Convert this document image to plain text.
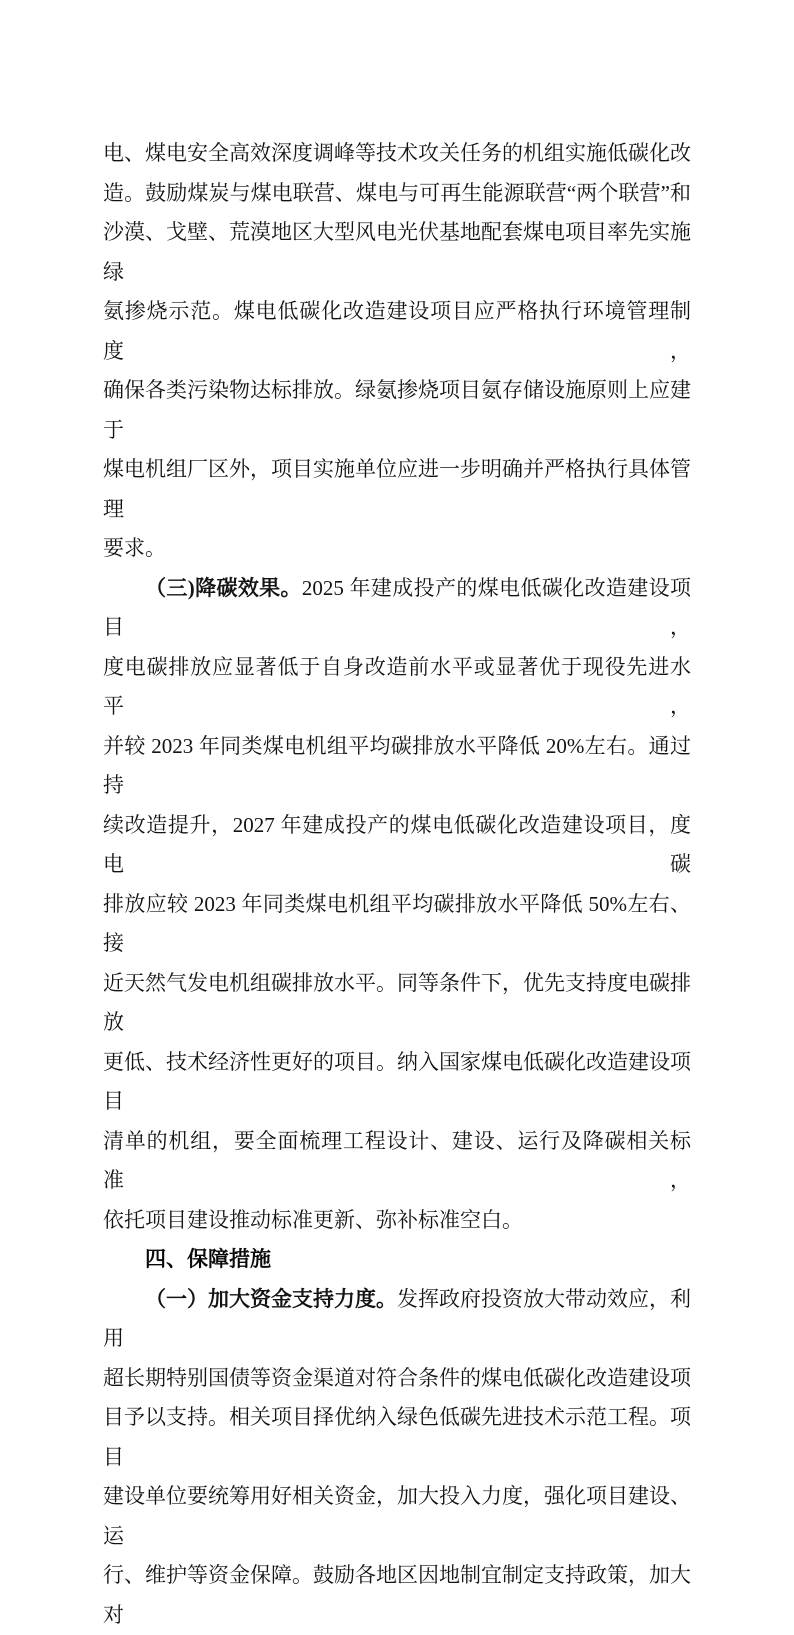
电、煤电安全高效深度调峰等技术攻关任务的机组实施低碳化改
造。鼓励煤炭与煤电联营、煤电与可再生能源联营“两个联营”和
沙漠、戈壁、荒漠地区大型风电光伏基地配套煤电项目率先实施绿
氨掺烧示范。煤电低碳化改造建设项目应严格执行环境管理制度，
确保各类污染物达标排放。绿氨掺烧项目氨存储设施原则上应建于
煤电机组厂区外，项目实施单位应进一步明确并严格执行具体管理
要求。
（三)降碳效果。2025 年建成投产的煤电低碳化改造建设项目，
度电碳排放应显著低于自身改造前水平或显著优于现役先进水平，
并较 2023 年同类煤电机组平均碳排放水平降低 20%左右。通过持
续改造提升，2027 年建成投产的煤电低碳化改造建设项目，度电碳
排放应较 2023 年同类煤电机组平均碳排放水平降低 50%左右、接
近天然气发电机组碳排放水平。同等条件下，优先支持度电碳排放
更低、技术经济性更好的项目。纳入国家煤电低碳化改造建设项目
清单的机组，要全面梳理工程设计、建设、运行及降碳相关标准，
依托项目建设推动标准更新、弥补标准空白。
四、保障措施
（一）加大资金支持力度。发挥政府投资放大带动效应，利用
超长期特别国债等资金渠道对符合条件的煤电低碳化改造建设项
目予以支持。相关项目择优纳入绿色低碳先进技术示范工程。项目
建设单位要统筹用好相关资金，加大投入力度，强化项目建设、运
行、维护等资金保障。鼓励各地区因地制宜制定支持政策，加大对
